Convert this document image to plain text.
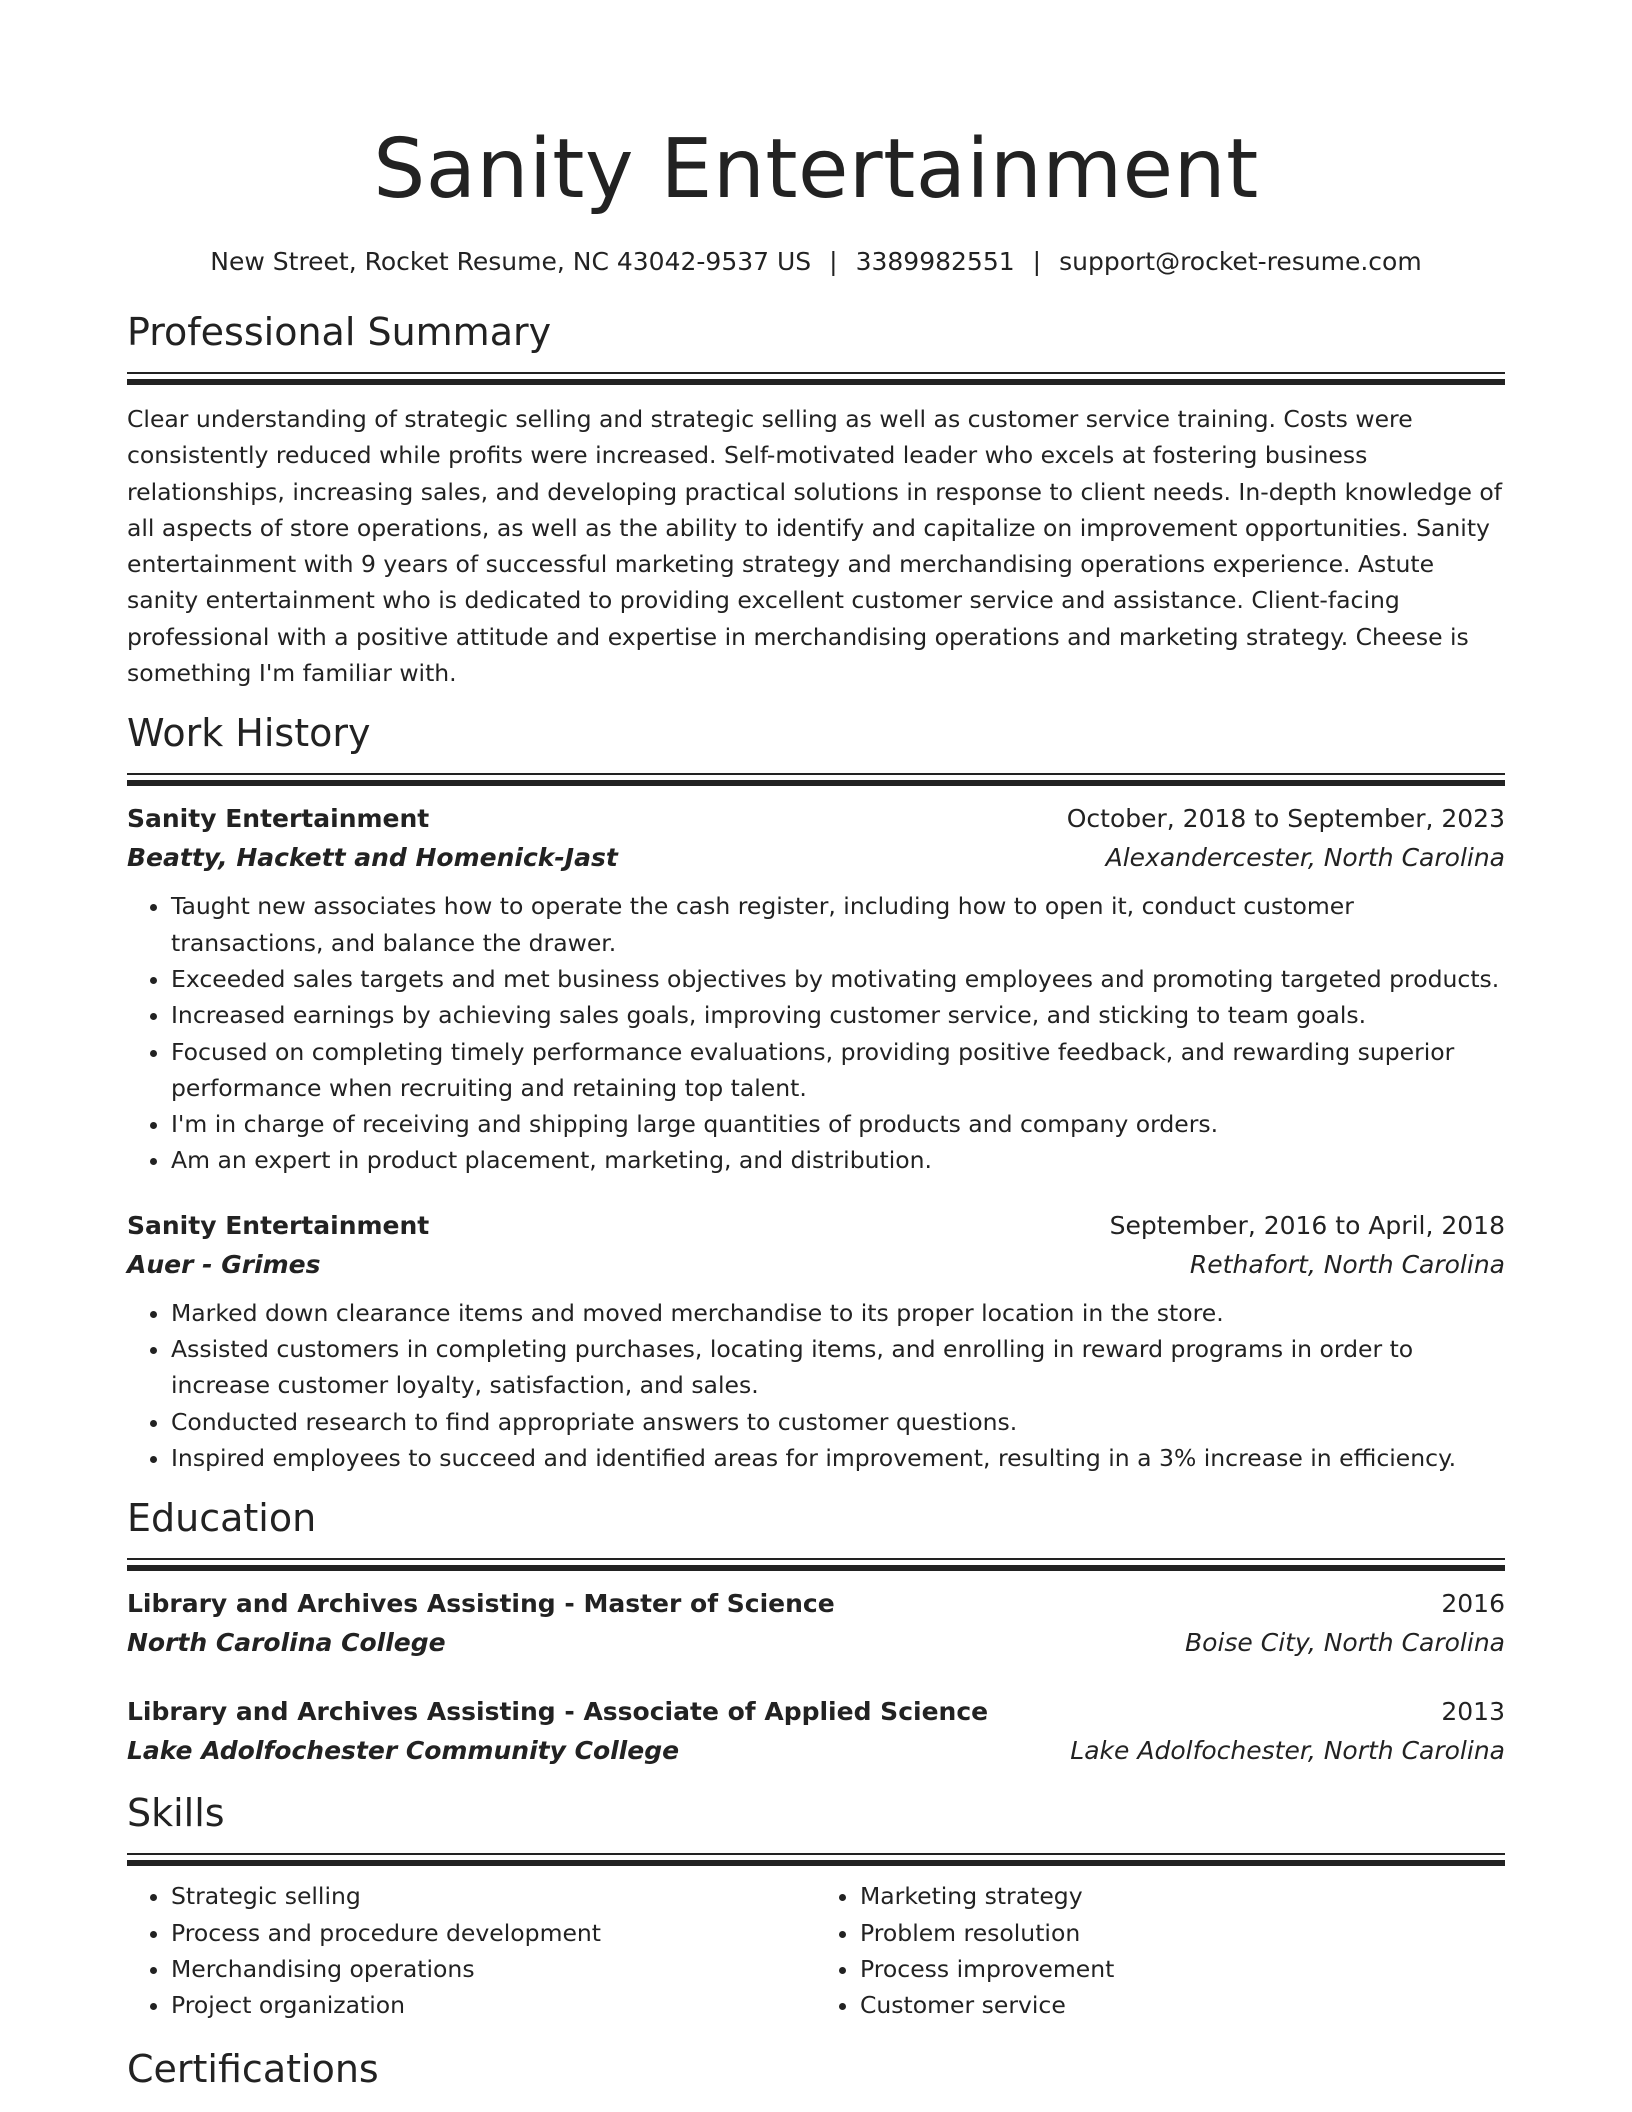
Sanity Entertainment
New Street, Rocket Resume, NC 43042-9537 US | 3389982551 | support@rocket-resume.com
Professional Summary
Clear understanding of strategic selling and strategic selling as well as customer service training. Costs were consistently reduced while profits were increased. Self-motivated leader who excels at fostering business relationships, increasing sales, and developing practical solutions in response to client needs. In-depth knowledge of all aspects of store operations, as well as the ability to identify and capitalize on improvement opportunities. Sanity entertainment with 9 years of successful marketing strategy and merchandising operations experience. Astute sanity entertainment who is dedicated to providing excellent customer service and assistance. Client-facing professional with a positive attitude and expertise in merchandising operations and marketing strategy. Cheese is something I'm familiar with.
Work History
Sanity Entertainment	October, 2018 to September, 2023
Beatty, Hackett and Homenick-Jast	Alexandercester, North Carolina
• Taught new associates how to operate the cash register, including how to open it, conduct customer transactions, and balance the drawer.
• Exceeded sales targets and met business objectives by motivating employees and promoting targeted products.
• Increased earnings by achieving sales goals, improving customer service, and sticking to team goals.
• Focused on completing timely performance evaluations, providing positive feedback, and rewarding superior performance when recruiting and retaining top talent.
• I'm in charge of receiving and shipping large quantities of products and company orders.
• Am an expert in product placement, marketing, and distribution.
Sanity Entertainment	September, 2016 to April, 2018
Auer - Grimes	Rethafort, North Carolina
• Marked down clearance items and moved merchandise to its proper location in the store.
• Assisted customers in completing purchases, locating items, and enrolling in reward programs in order to increase customer loyalty, satisfaction, and sales.
• Conducted research to find appropriate answers to customer questions.
• Inspired employees to succeed and identified areas for improvement, resulting in a 3% increase in efficiency.
Education
Library and Archives Assisting - Master of Science	2016
North Carolina College	Boise City, North Carolina
Library and Archives Assisting - Associate of Applied Science	2013
Lake Adolfochester Community College	Lake Adolfochester, North Carolina
Skills
• Strategic selling
• Process and procedure development
• Merchandising operations
• Project organization
• Marketing strategy
• Problem resolution
• Process improvement
• Customer service
Certifications
